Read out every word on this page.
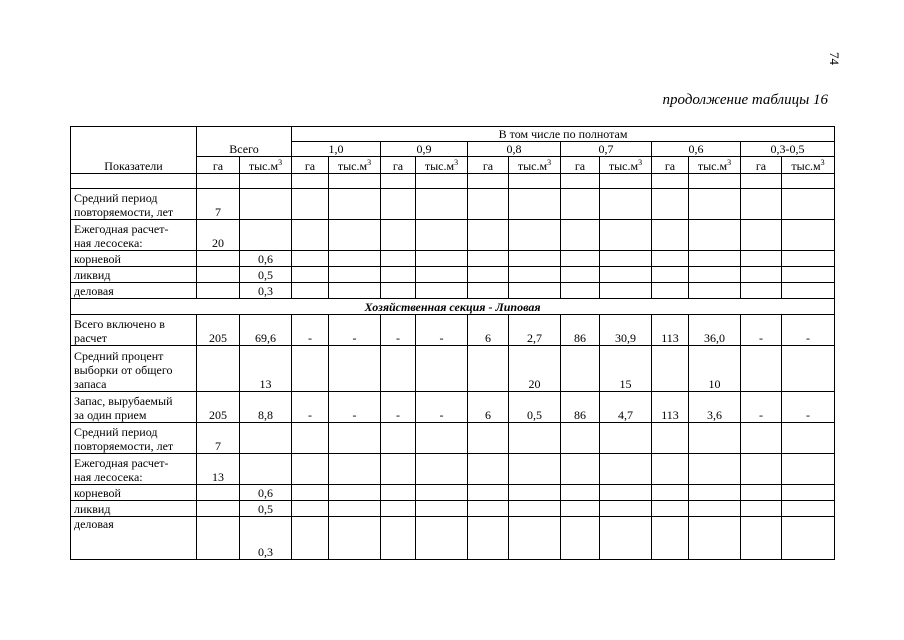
74
продолжение таблицы 16
Показатели	Всего		В том числе по полнотам											
			1,0		0,9		0,8		0,7		0,6		0,3-0,5	
	га	$тыс.м^3$	га	$тыс.м^3$	га	$тыс.м^3$	га	$тыс.м^3$	га	$тыс.м^3$	га	$тыс.м^3$	га	$тыс.м^3$

Средний период
повторяемости, лет	7													

Ежегодная расчет-
ная лесосека:	20													

корневой		0,6												

ликвид		0,5												

деловая		0,3												
Хозяйственная секция - Липовая														

Всего включено в
расчет	205	69,6	-	-	-	-	6	2,7	86	30,9	113	36,0	-	-

Средний процент
выборки от общего
запаса		13						20		15		10		

Запас, вырубаемый
за один прием	205	8,8	-	-	-	-	6	0,5	86	4,7	113	3,6	-	-

Средний период
повторяемости, лет	7													

Ежегодная расчет-
ная лесосека:	13													

корневой		0,6												

ликвид		0,5												

деловая		0,3												
